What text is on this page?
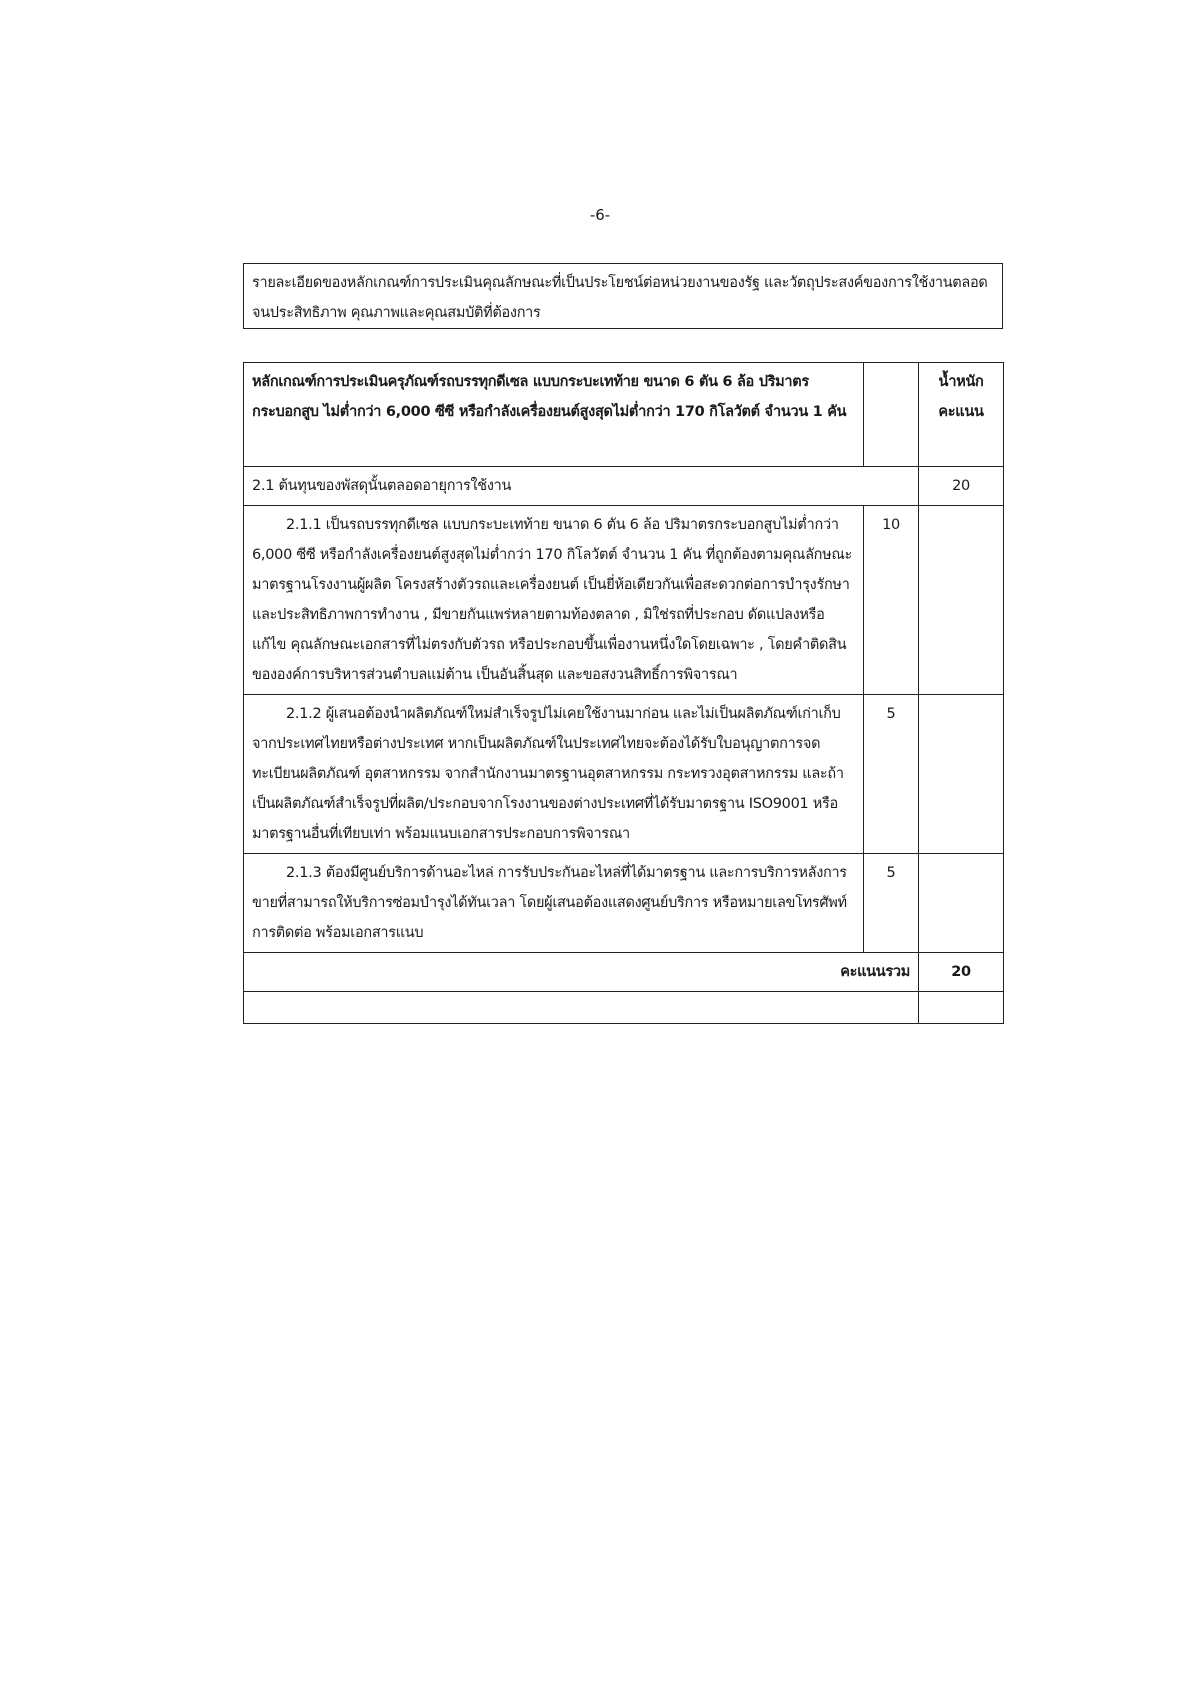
-6-
รายละเอียดของหลักเกณฑ์การประเมินคุณลักษณะที่เป็นประโยชน์ต่อหน่วยงานของรัฐ และวัตถุประสงค์ของการใช้งานตลอดจนประสิทธิภาพ คุณภาพและคุณสมบัติที่ต้องการ
หลักเกณฑ์การประเมินครุภัณฑ์รถบรรทุกดีเซล แบบกระบะเทท้าย ขนาด 6 ตัน 6 ล้อ ปริมาตรกระบอกสูบ ไม่ต่ำกว่า 6,000 ซีซี หรือกำลังเครื่องยนต์สูงสุดไม่ต่ำกว่า 170 กิโลวัตต์ จำนวน 1 คัน		น้ำหนัก
คะแนน

2.1 ต้นทุนของพัสดุนั้นตลอดอายุการใช้งาน		20
2.1.1 เป็นรถบรรทุกดีเซล แบบกระบะเทท้าย ขนาด 6 ตัน 6 ล้อ ปริมาตรกระบอกสูบไม่ต่ำกว่า 6,000 ซีซี หรือกำลังเครื่องยนต์สูงสุดไม่ต่ำกว่า 170 กิโลวัตต์ จำนวน 1 คัน ที่ถูกต้องตามคุณลักษณะมาตรฐานโรงงานผู้ผลิต โครงสร้างตัวรถและเครื่องยนต์ เป็นยี่ห้อเดียวกันเพื่อสะดวกต่อการบำรุงรักษาและประสิทธิภาพการทำงาน , มีขายกันแพร่หลายตามท้องตลาด , มิใช่รถที่ประกอบ ดัดแปลงหรือแก้ไข คุณลักษณะเอกสารที่ไม่ตรงกับตัวรถ หรือประกอบขึ้นเพื่องานหนึ่งใดโดยเฉพาะ , โดยคำติดสินขององค์การบริหารส่วนตำบลแม่ต้าน เป็นอันสิ้นสุด และขอสงวนสิทธิ์การพิจารณา	10	
2.1.2 ผู้เสนอต้องนำผลิตภัณฑ์ใหม่สำเร็จรูปไม่เคยใช้งานมาก่อน และไม่เป็นผลิตภัณฑ์เก่าเก็บ จากประเทศไทยหรือต่างประเทศ หากเป็นผลิตภัณฑ์ในประเทศไทยจะต้องได้รับใบอนุญาตการจดทะเบียนผลิตภัณฑ์ อุตสาหกรรม จากสำนักงานมาตรฐานอุตสาหกรรม กระทรวงอุตสาหกรรม และถ้าเป็นผลิตภัณฑ์สำเร็จรูปที่ผลิต/ประกอบจากโรงงานของต่างประเทศที่ได้รับมาตรฐาน ISO9001 หรือมาตรฐานอื่นที่เทียบเท่า พร้อมแนบเอกสารประกอบการพิจารณา	5	
2.1.3 ต้องมีศูนย์บริการด้านอะไหล่ การรับประกันอะไหล่ที่ได้มาตรฐาน และการบริการหลังการขายที่สามารถให้บริการซ่อมบำรุงได้ทันเวลา โดยผู้เสนอต้องแสดงศูนย์บริการ หรือหมายเลขโทรศัพท์การติดต่อ พร้อมเอกสารแนบ	5	
คะแนนรวม		20
